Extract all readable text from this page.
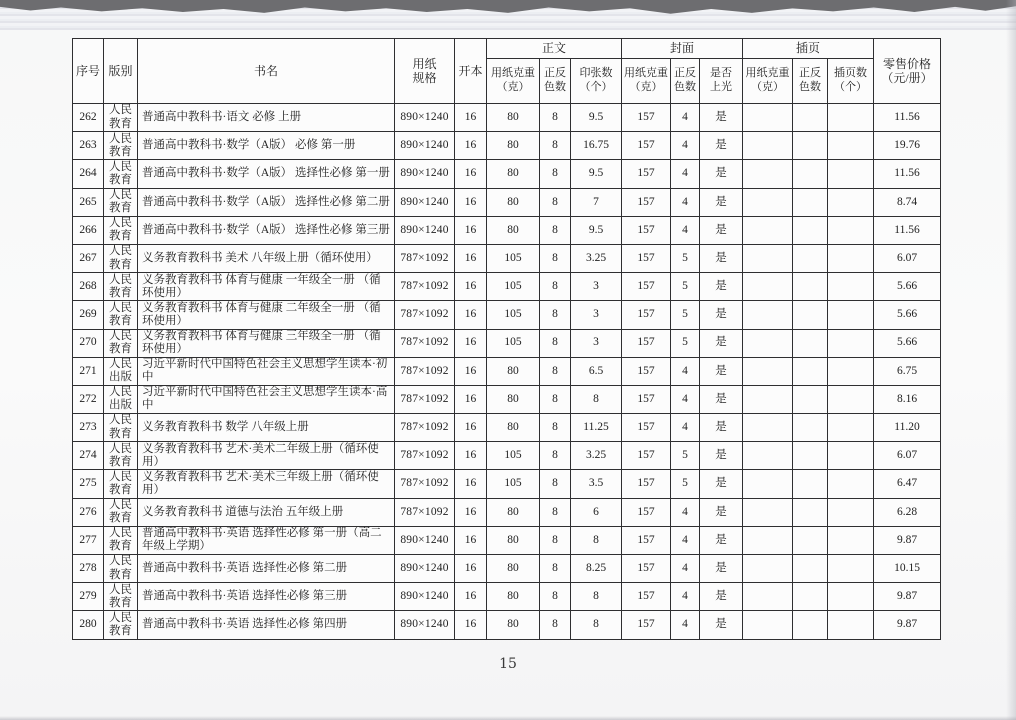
序号	版别	书名	用纸规格	开本	正文			封面			插页			零售价格（元/册）
					用纸克重（克）	正反色数	印张数（个）	用纸克重（克）	正反色数	是否上光	用纸克重（克）	正反色数	插页数（个）	
262	人民教育	普通高中教科书·语文 必修 上册	890×1240	16	80	8	9.5	157	4	是				11.56
263	人民教育	普通高中教科书·数学（A版） 必修 第一册	890×1240	16	80	8	16.75	157	4	是				19.76
264	人民教育	普通高中教科书·数学（A版） 选择性必修 第一册	890×1240	16	80	8	9.5	157	4	是				11.56
265	人民教育	普通高中教科书·数学（A版） 选择性必修 第二册	890×1240	16	80	8	7	157	4	是				8.74
266	人民教育	普通高中教科书·数学（A版） 选择性必修 第三册	890×1240	16	80	8	9.5	157	4	是				11.56
267	人民教育	义务教育教科书 美术 八年级上册（循环使用）	787×1092	16	105	8	3.25	157	5	是				6.07
268	人民教育	义务教育教科书 体育与健康 一年级全一册 （循环使用）	787×1092	16	105	8	3	157	5	是				5.66
269	人民教育	义务教育教科书 体育与健康 二年级全一册 （循环使用）	787×1092	16	105	8	3	157	5	是				5.66
270	人民教育	义务教育教科书 体育与健康 三年级全一册 （循环使用）	787×1092	16	105	8	3	157	5	是				5.66
271	人民出版	习近平新时代中国特色社会主义思想学生读本·初中	787×1092	16	80	8	6.5	157	4	是				6.75
272	人民出版	习近平新时代中国特色社会主义思想学生读本·高中	787×1092	16	80	8	8	157	4	是				8.16
273	人民教育	义务教育教科书 数学 八年级上册	787×1092	16	80	8	11.25	157	4	是				11.20
274	人民教育	义务教育教科书 艺术·美术二年级上册（循环使用）	787×1092	16	105	8	3.25	157	5	是				6.07
275	人民教育	义务教育教科书 艺术·美术三年级上册（循环使用）	787×1092	16	105	8	3.5	157	5	是				6.47
276	人民教育	义务教育教科书 道德与法治 五年级上册	787×1092	16	80	8	6	157	4	是				6.28
277	人民教育	普通高中教科书·英语 选择性必修 第一册（高二年级上学期）	890×1240	16	80	8	8	157	4	是				9.87
278	人民教育	普通高中教科书·英语 选择性必修 第二册	890×1240	16	80	8	8.25	157	4	是				10.15
279	人民教育	普通高中教科书·英语 选择性必修 第三册	890×1240	16	80	8	8	157	4	是				9.87
280	人民教育	普通高中教科书·英语 选择性必修 第四册	890×1240	16	80	8	8	157	4	是				9.87
15
